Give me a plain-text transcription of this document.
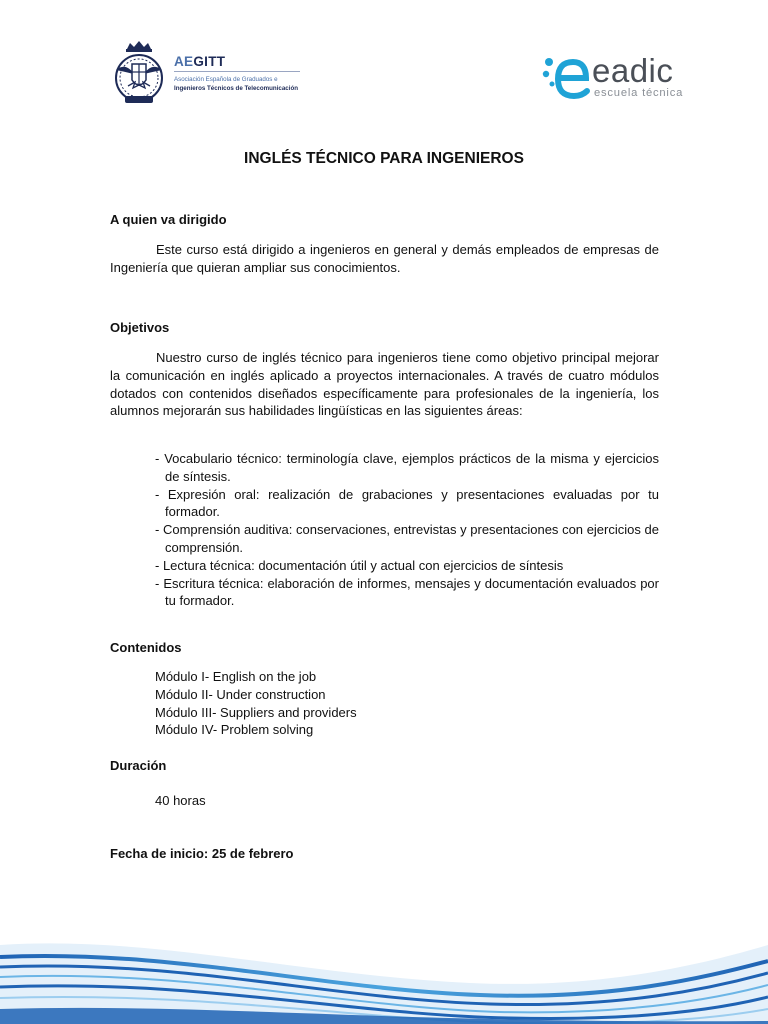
AEGITT
Asociación Española de Graduados e
Ingenieros Técnicos de Telecomunicación	eadic
escuela técnica
INGLÉS TÉCNICO PARA INGENIEROS
A quien va dirigido
Este curso está dirigido a ingenieros en general y demás empleados de empresas de Ingeniería que quieran ampliar sus conocimientos.
Objetivos
Nuestro curso de inglés técnico para ingenieros tiene como objetivo principal mejorar la comunicación en inglés aplicado a proyectos internacionales. A través de cuatro módulos dotados con contenidos diseñados específicamente para profesionales de la ingeniería, los alumnos mejorarán sus habilidades lingüísticas en las siguientes áreas:
- Vocabulario técnico: terminología clave, ejemplos prácticos de la misma y ejercicios de síntesis.
- Expresión oral: realización de grabaciones y presentaciones evaluadas por tu formador.
- Comprensión auditiva: conservaciones, entrevistas y presentaciones con ejercicios de comprensión.
- Lectura técnica: documentación útil y actual con ejercicios de síntesis
- Escritura técnica: elaboración de informes, mensajes y documentación evaluados por tu formador.
Contenidos
Módulo I- English on the job
Módulo II- Under construction
Módulo III- Suppliers and providers
Módulo IV- Problem solving
Duración
40 horas
Fecha de inicio: 25 de febrero
